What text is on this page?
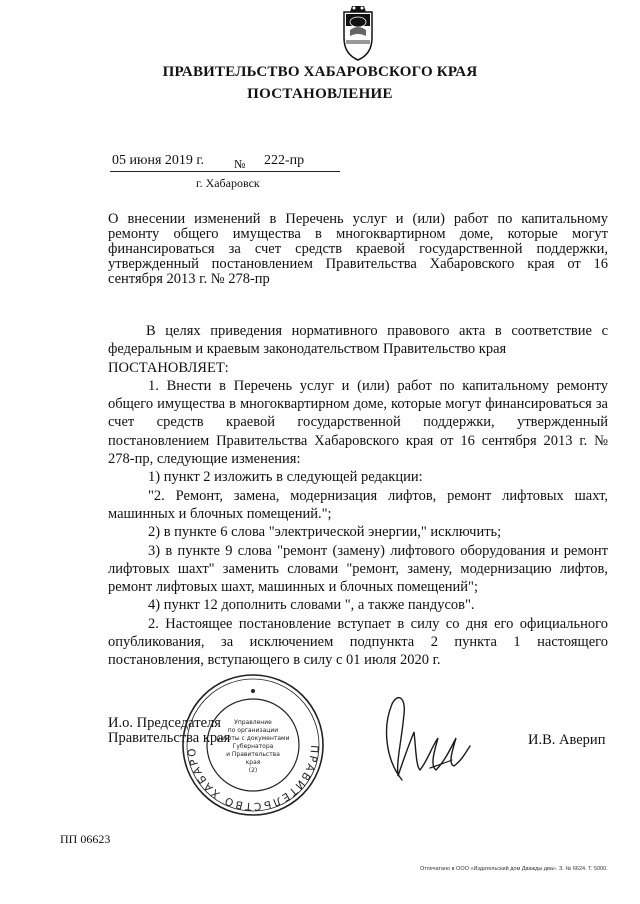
ПРАВИТЕЛЬСТВО ХАБАРОВСКОГО КРАЯ
ПОСТАНОВЛЕНИЕ
05 июня 2019 г. № 222-пр
г. Хабаровск
О внесении изменений в Перечень услуг и (или) работ по капитальному ремонту общего имущества в многоквартирном доме, которые могут финансироваться за счет средств краевой государственной поддержки, утвержденный постановлением Правительства Хабаровского края от 16 сентября 2013 г. № 278-пр

В целях приведения нормативного правового акта в соответствие с федеральным и краевым законодательством Правительство края

ПОСТАНОВЛЯЕТ:

1. Внести в Перечень услуг и (или) работ по капитальному ремонту общего имущества в многоквартирном доме, которые могут финансироваться за счет средств краевой государственной поддержки, утвержденный постановлением Правительства Хабаровского края от 16 сентября 2013 г. № 278-пр, следующие изменения:

1) пункт 2 изложить в следующей редакции:

"2. Ремонт, замена, модернизация лифтов, ремонт лифтовых шахт, машинных и блочных помещений.";

2) в пункте 6 слова "электрической энергии," исключить;

3) в пункте 9 слова "ремонт (замену) лифтового оборудования и ремонт лифтовых шахт" заменить словами "ремонт, замену, модернизацию лифтов, ремонт лифтовых шахт, машинных и блочных помещений";

4) пункт 12 дополнить словами ", а также пандусов".

2. Настоящее постановление вступает в силу со дня его официального опубликования, за исключением подпункта 2 пункта 1 настоящего постановления, вступающего в силу с 01 июля 2020 г.

И.о. Председателя
Правительства края
ПРАВИТЕЛЬСТВО ХАБАРО
Управление
по организации
работы с документами
Губернатора
и Правительства
края
(2)
И.В. Аверип
ПП 06623
Отпечатано в ООО «Издательский дом Дважды два». З. № 6624. Т. 5000.
